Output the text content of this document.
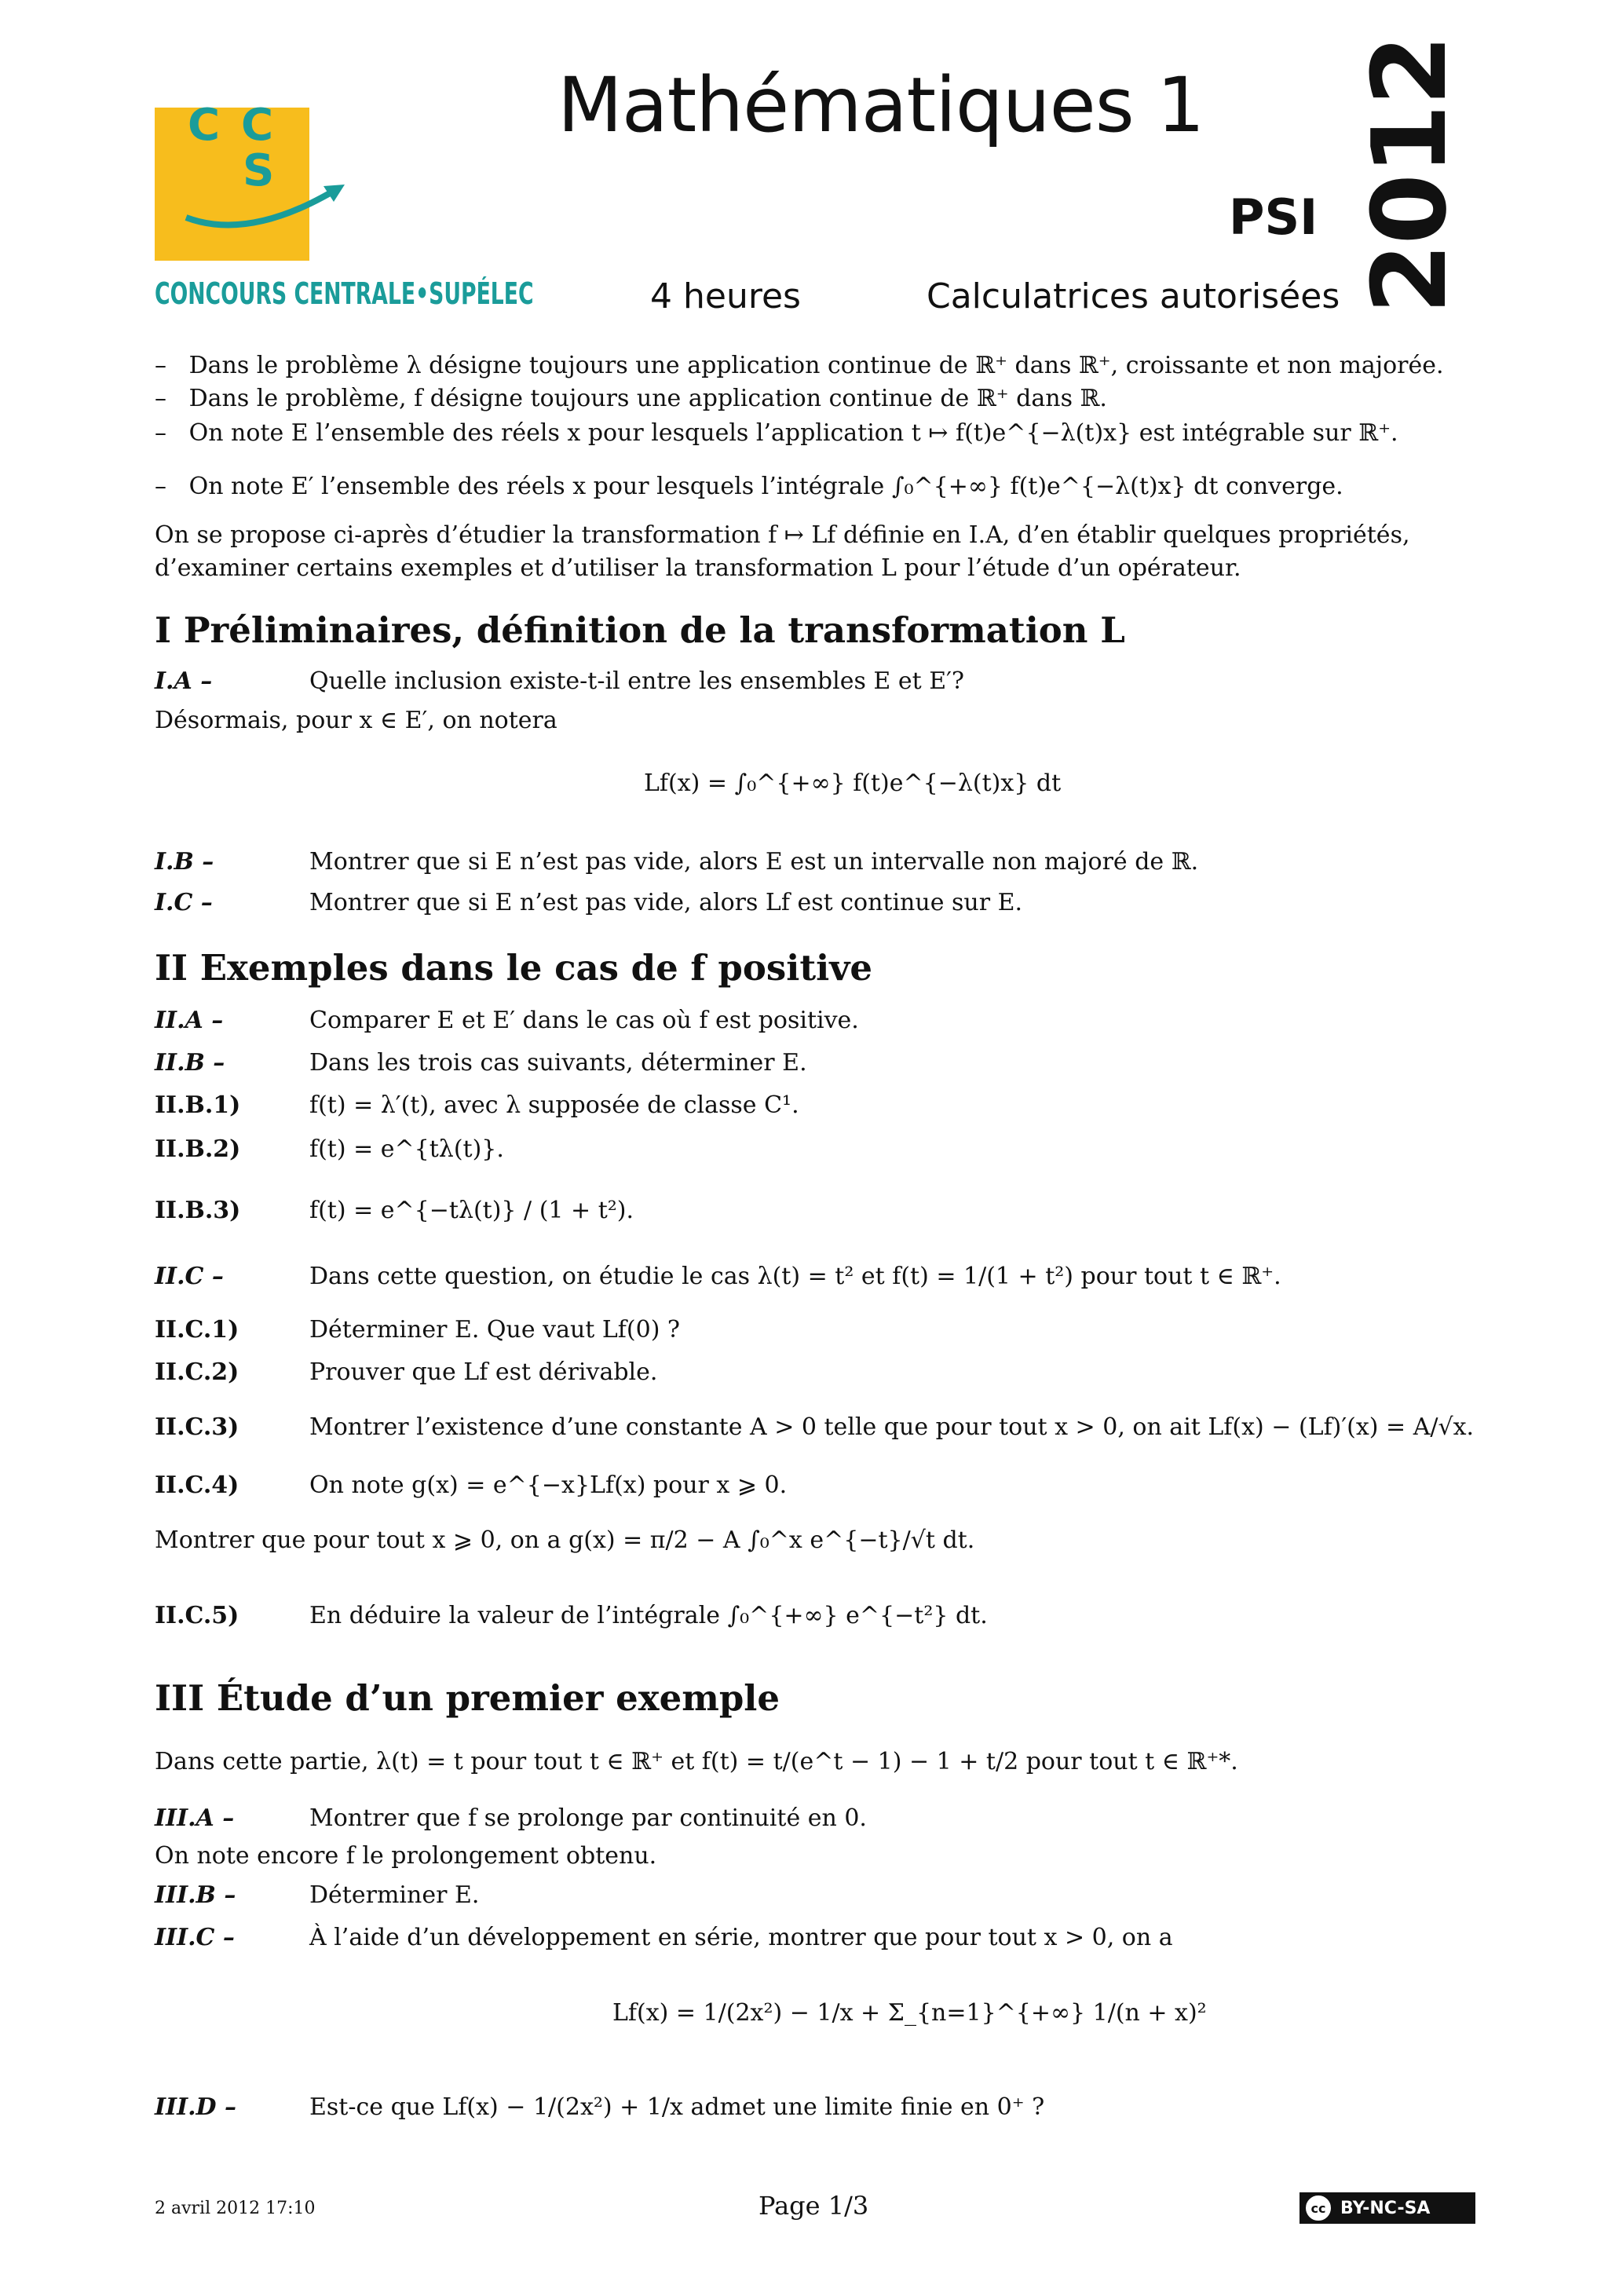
C C
S
CONCOURS CENTRALE•SUPÉLEC
Mathématiques 1
PSI
4 heures	Calculatrices autorisées 2012
–   Dans le problème λ désigne toujours une application continue de ℝ⁺ dans ℝ⁺, croissante et non majorée.
–   Dans le problème, f désigne toujours une application continue de ℝ⁺ dans ℝ.
–   On note E l’ensemble des réels x pour lesquels l’application t ↦ f(t)e^{−λ(t)x} est intégrable sur ℝ⁺.
–   On note E′ l’ensemble des réels x pour lesquels l’intégrale ∫₀^{+∞} f(t)e^{−λ(t)x} dt converge.
On se propose ci-après d’étudier la transformation f ↦ Lf définie en I.A, d’en établir quelques propriétés,
d’examiner certains exemples et d’utiliser la transformation L pour l’étude d’un opérateur.
I Préliminaires, définition de la transformation L
I.A –	Quelle inclusion existe-t-il entre les ensembles E et E′?
Désormais, pour x ∈ E′, on notera
Lf(x) = ∫₀^{+∞} f(t)e^{−λ(t)x} dt
I.B –	Montrer que si E n’est pas vide, alors E est un intervalle non majoré de ℝ.
I.C –	Montrer que si E n’est pas vide, alors Lf est continue sur E.
II Exemples dans le cas de f positive
II.A –	Comparer E et E′ dans le cas où f est positive.
II.B –	Dans les trois cas suivants, déterminer E.
II.B.1)	f(t) = λ′(t), avec λ supposée de classe C¹.
II.B.2)	f(t) = e^{tλ(t)}.
II.B.3)	f(t) = e^{−tλ(t)} / (1 + t²).
II.C –	Dans cette question, on étudie le cas λ(t) = t² et f(t) = 1/(1 + t²) pour tout t ∈ ℝ⁺.
II.C.1)	Déterminer E. Que vaut Lf(0) ?
II.C.2)	Prouver que Lf est dérivable.
II.C.3)	Montrer l’existence d’une constante A > 0 telle que pour tout x > 0, on ait Lf(x) − (Lf)′(x) = A/√x.
II.C.4)	On note g(x) = e^{−x}Lf(x) pour x ⩾ 0.
Montrer que pour tout x ⩾ 0, on a g(x) = π/2 − A ∫₀^x e^{−t}/√t dt.
II.C.5)	En déduire la valeur de l’intégrale ∫₀^{+∞} e^{−t²} dt.
III Étude d’un premier exemple
Dans cette partie, λ(t) = t pour tout t ∈ ℝ⁺ et f(t) = t/(e^t − 1) − 1 + t/2 pour tout t ∈ ℝ⁺*.
III.A –	Montrer que f se prolonge par continuité en 0.
On note encore f le prolongement obtenu.
III.B –	Déterminer E.
III.C –	À l’aide d’un développement en série, montrer que pour tout x > 0, on a
Lf(x) = 1/(2x²) − 1/x + Σ_{n=1}^{+∞} 1/(n + x)²
III.D –	Est-ce que Lf(x) − 1/(2x²) + 1/x admet une limite finie en 0⁺ ?
2 avril 2012 17:10	Page 1/3	cc BY-NC-SA
